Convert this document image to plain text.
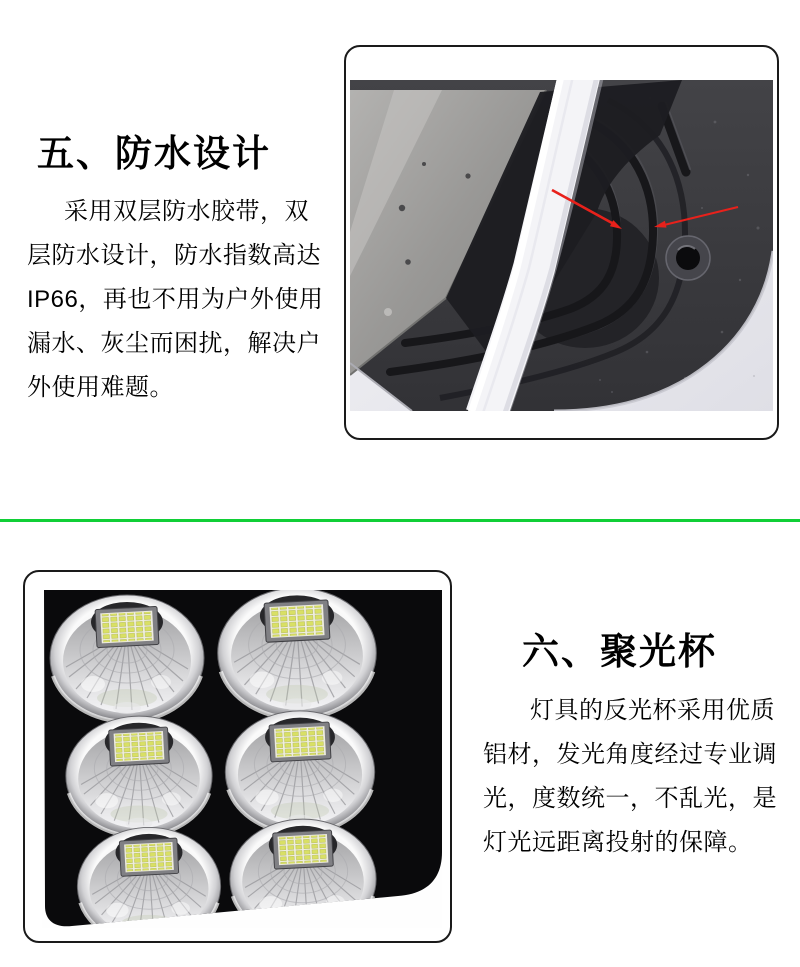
五、防水设计
采用双层防水胶带，双
层防水设计，防水指数高达
IP66，再也不用为户外使用
漏水、灰尘而困扰，解决户
外使用难题。
六、聚光杯
灯具的反光杯采用优质
铝材，发光角度经过专业调
光，度数统一，不乱光，是
灯光远距离投射的保障。
